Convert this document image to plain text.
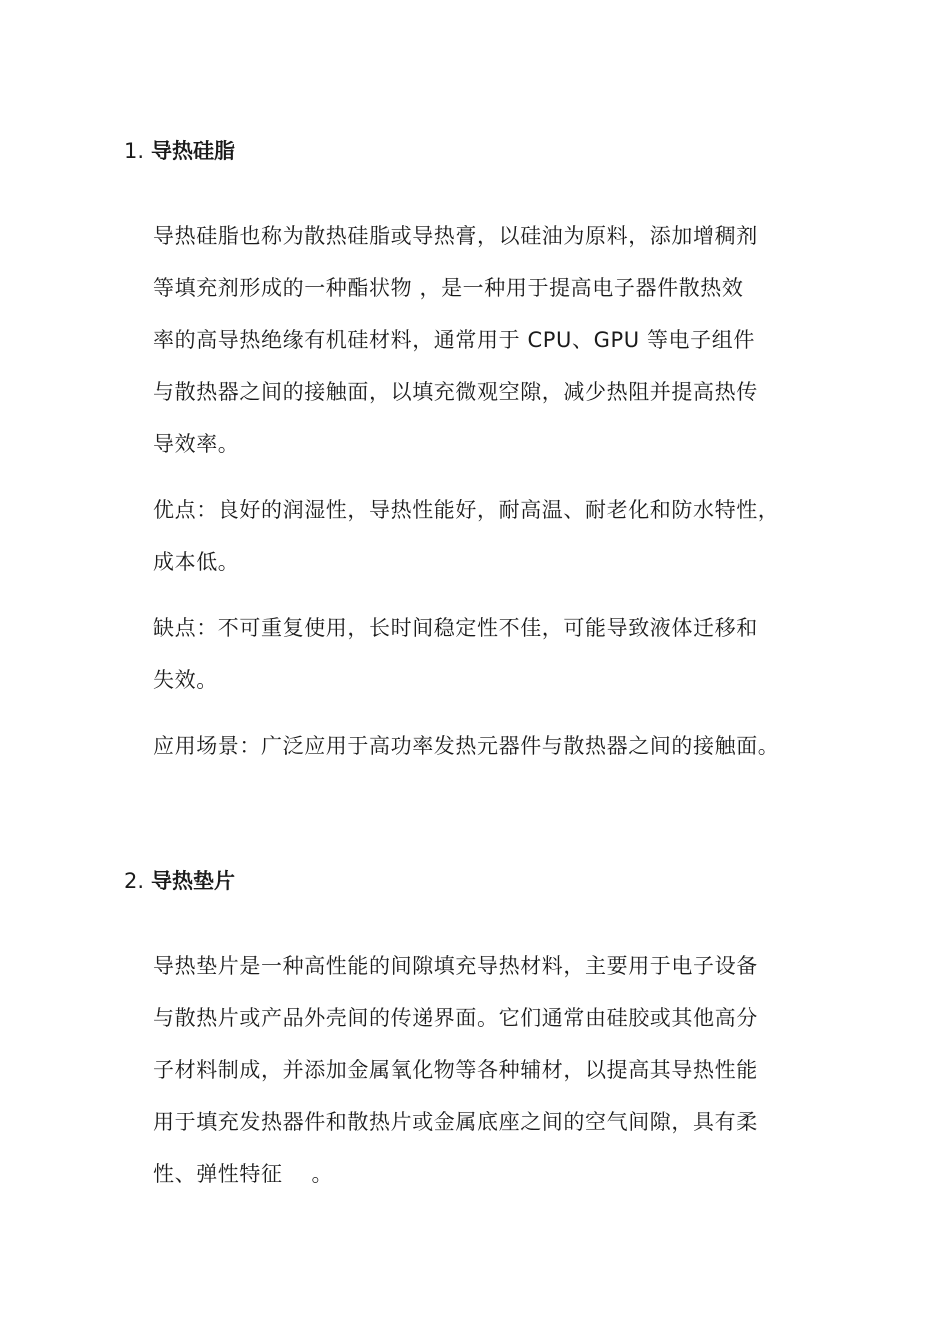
1. 导热硅脂
导热硅脂也称为散热硅脂或导热膏，以硅油为原料，添加增稠剂
等填充剂形成的一种酯状物 ，是一种用于提高电子器件散热效
率的高导热绝缘有机硅材料，通常用于 CPU、GPU 等电子组件
与散热器之间的接触面，以填充微观空隙，减少热阻并提高热传
导效率。
优点：良好的润湿性，导热性能好，耐高温、耐老化和防水特性，
成本低。
缺点：不可重复使用，长时间稳定性不佳，可能导致液体迁移和
失效。
应用场景：广泛应用于高功率发热元器件与散热器之间的接触面。
2. 导热垫片
导热垫片是一种高性能的间隙填充导热材料，主要用于电子设备
与散热片或产品外壳间的传递界面。它们通常由硅胶或其他高分
子材料制成，并添加金属氧化物等各种辅材，以提高其导热性能
用于填充发热器件和散热片或金属底座之间的空气间隙，具有柔
性、弹性特征　 。
